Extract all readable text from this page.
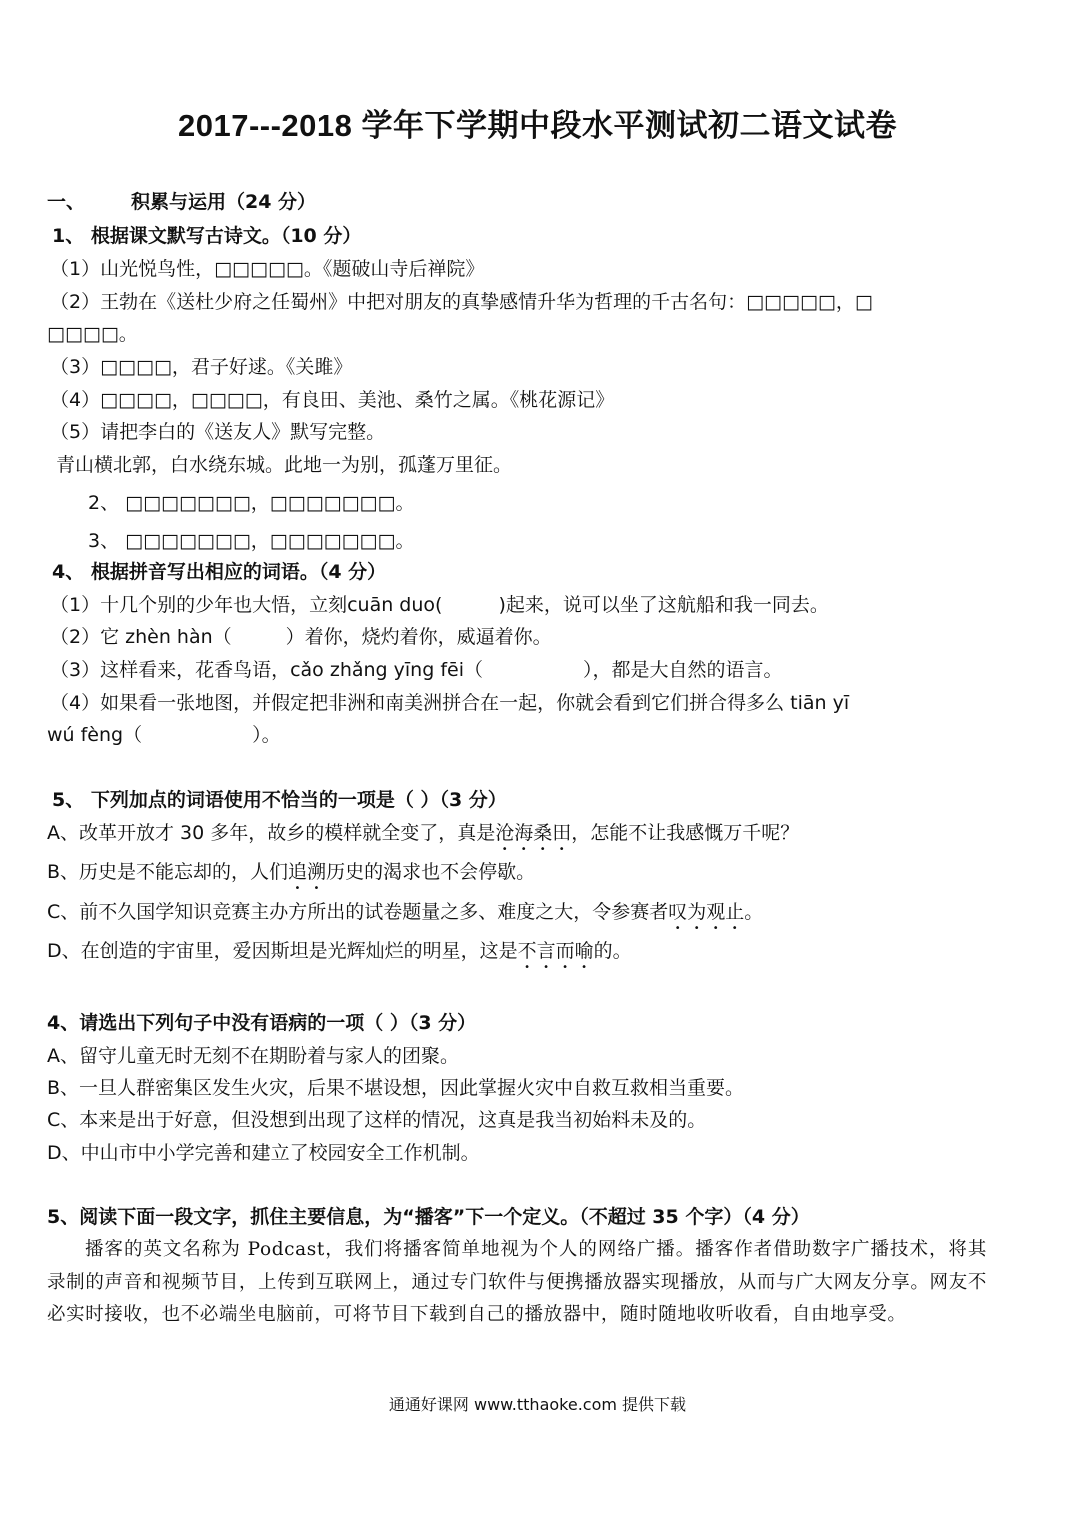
2017---2018 学年下学期中段水平测试初二语文试卷
一、 积累与运用（24 分）
1、 根据课文默写古诗文。（10 分）
（1）山光悦鸟性，□□□□□。《题破山寺后禅院》
（2）王勃在《送杜少府之任蜀州》中把对朋友的真挚感情升华为哲理的千古名句：□□□□□，□
□□□□。
（3）□□□□，君子好逑。《关雎》
（4）□□□□，□□□□，有良田、美池、桑竹之属。《桃花源记》
（5）请把李白的《送友人》默写完整。
青山横北郭，白水绕东城。此地一为别，孤蓬万里征。
2、 □□□□□□□，□□□□□□□。
3、 □□□□□□□，□□□□□□□。
4、 根据拼音写出相应的词语。（4 分）
（1）十几个别的少年也大悟，立刻cuān duo(	)起来，说可以坐了这航船和我一同去。
（2）它 zhèn hàn（	）着你，烧灼着你，威逼着你。
（3）这样看来，花香鸟语，cǎo zhǎng yīng fēi（	），都是大自然的语言。
（4）如果看一张地图，并假定把非洲和南美洲拼合在一起，你就会看到它们拼合得多么 tiān yī
wú fèng（	）。
5、 下列加点的词语使用不恰当的一项是（ ）（3 分）
A、改革开放才 30 多年，故乡的模样就全变了，真是沧海桑田，怎能不让我感慨万千呢？
B、历史是不能忘却的，人们追溯历史的渴求也不会停歇。
C、前不久国学知识竞赛主办方所出的试卷题量之多、难度之大，令参赛者叹为观止。
D、在创造的宇宙里，爱因斯坦是光辉灿烂的明星，这是不言而喻的。
4、请选出下列句子中没有语病的一项（ ）（3 分）
A、留守儿童无时无刻不在期盼着与家人的团聚。
B、一旦人群密集区发生火灾，后果不堪设想，因此掌握火灾中自救互救相当重要。
C、本来是出于好意，但没想到出现了这样的情况，这真是我当初始料未及的。
D、中山市中小学完善和建立了校园安全工作机制。
5、阅读下面一段文字，抓住主要信息，为“播客”下一个定义。（不超过 35 个字）（4 分）
播客的英文名称为 Podcast，我们将播客简单地视为个人的网络广播。播客作者借助数字广播技术，将其录制的声音和视频节目，上传到互联网上，通过专门软件与便携播放器实现播放，从而与广大网友分享。网友不必实时接收，也不必端坐电脑前，可将节目下载到自己的播放器中，随时随地收听收看，自由地享受。
通通好课网 www.tthaoke.com 提供下载
